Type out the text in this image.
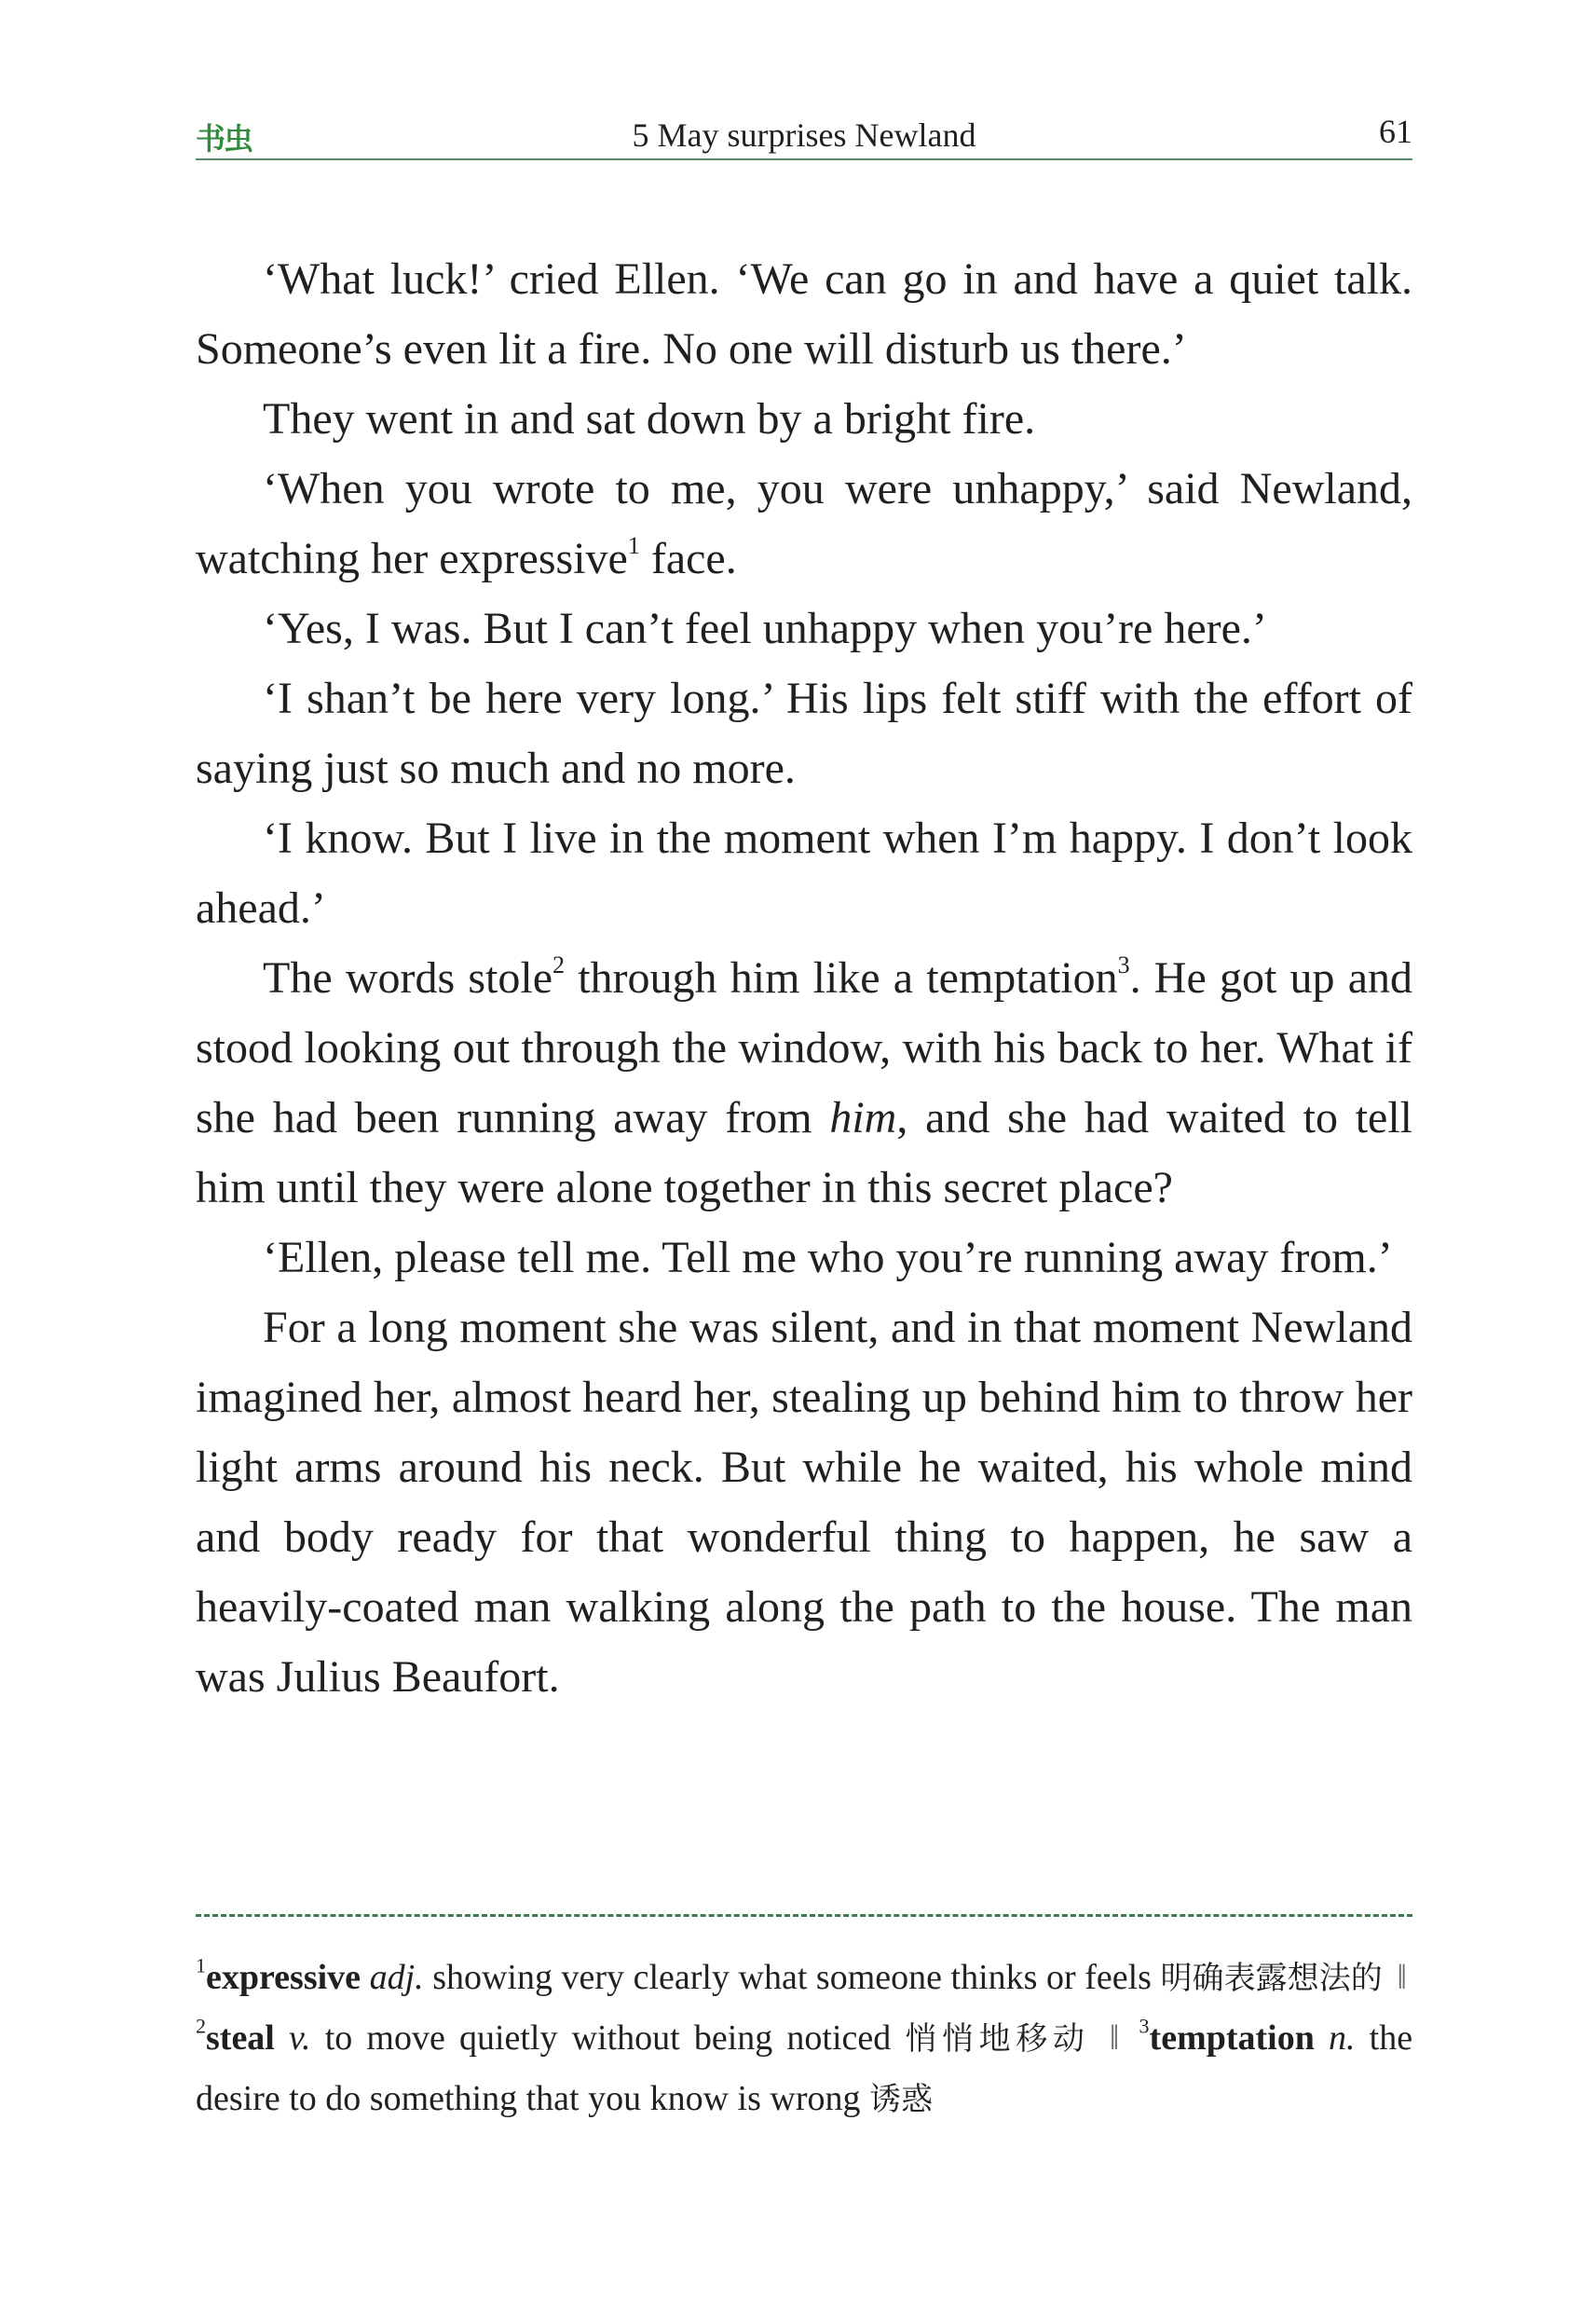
书虫	5 May surprises Newland	61

‘What luck!’ cried Ellen. ‘We can go in and have a quiet talk. Someone’s even lit a fire. No one will disturb us there.’

They went in and sat down by a bright fire.

‘When you wrote to me, you were unhappy,’ said Newland, watching her expressive$^1$ face.

‘Yes, I was. But I can’t feel unhappy when you’re here.’

‘I shan’t be here very long.’ His lips felt stiff with the effort of saying just so much and no more.

‘I know. But I live in the moment when I’m happy. I don’t look ahead.’

The words stole$^2$ through him like a temptation$^3$. He got up and stood looking out through the window, with his back to her. What if she had been running away from him, and she had waited to tell him until they were alone together in this secret place?

‘Ellen, please tell me. Tell me who you’re running away from.’

For a long moment she was silent, and in that moment Newland imagined her, almost heard her, stealing up behind him to throw her light arms around his neck. But while he waited, his whole mind and body ready for that wonderful thing to happen, he saw a heavily-coated man walking along the path to the house. The man was Julius Beaufort.

$^1$expressive adj. showing very clearly what someone thinks or feels 明确表露想法的 ‖ $^2$steal v. to move quietly without being noticed 悄悄地移动 ‖ $^3$temptation n. the desire to do something that you know is wrong 诱惑
